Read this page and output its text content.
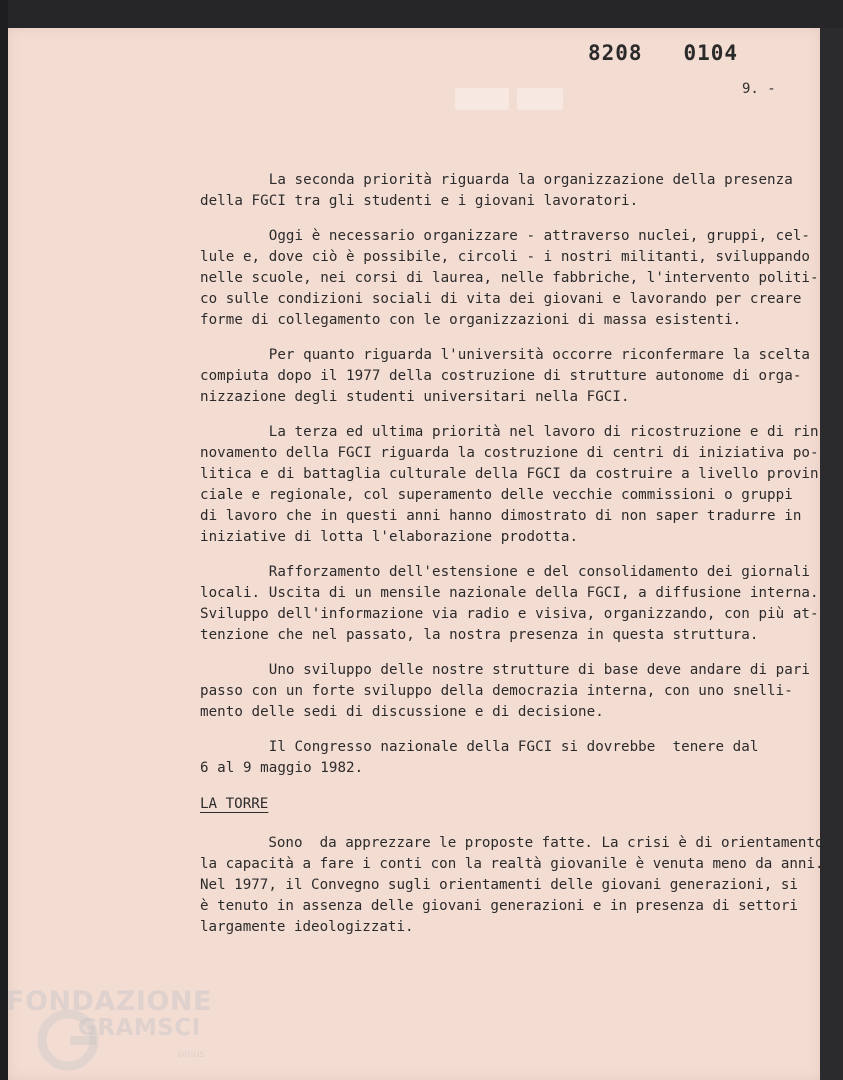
8208   0104
9. -
La seconda priorità riguarda la organizzazione della presenza
della FGCI tra gli studenti e i giovani lavoratori.
Oggi è necessario organizzare - attraverso nuclei, gruppi, cel-
lule e, dove ciò è possibile, circoli - i nostri militanti, sviluppando
nelle scuole, nei corsi di laurea, nelle fabbriche, l'intervento politi-
co sulle condizioni sociali di vita dei giovani e lavorando per creare
forme di collegamento con le organizzazioni di massa esistenti.
Per quanto riguarda l'università occorre riconfermare la scelta
compiuta dopo il 1977 della costruzione di strutture autonome di orga-
nizzazione degli studenti universitari nella FGCI.
La terza ed ultima priorità nel lavoro di ricostruzione e di rin-
novamento della FGCI riguarda la costruzione di centri di iniziativa po-
litica e di battaglia culturale della FGCI da costruire a livello provin-
ciale e regionale, col superamento delle vecchie commissioni o gruppi
di lavoro che in questi anni hanno dimostrato di non saper tradurre in
iniziative di lotta l'elaborazione prodotta.
Rafforzamento dell'estensione e del consolidamento dei giornali
locali. Uscita di un mensile nazionale della FGCI, a diffusione interna.
Sviluppo dell'informazione via radio e visiva, organizzando, con più at-
tenzione che nel passato, la nostra presenza in questa struttura.
Uno sviluppo delle nostre strutture di base deve andare di pari
passo con un forte sviluppo della democrazia interna, con uno snelli-
mento delle sedi di discussione e di decisione.
Il Congresso nazionale della FGCI si dovrebbe  tenere dal
6 al 9 maggio 1982.
LA TORRE
Sono  da apprezzare le proposte fatte. La crisi è di orientamento,
la capacità a fare i conti con la realtà giovanile è venuta meno da anni.
Nel 1977, il Convegno sugli orientamenti delle giovani generazioni, si
è tenuto in assenza delle giovani generazioni e in presenza di settori
largamente ideologizzati.
FONDAZIONE
GRAMSCI
onlus
